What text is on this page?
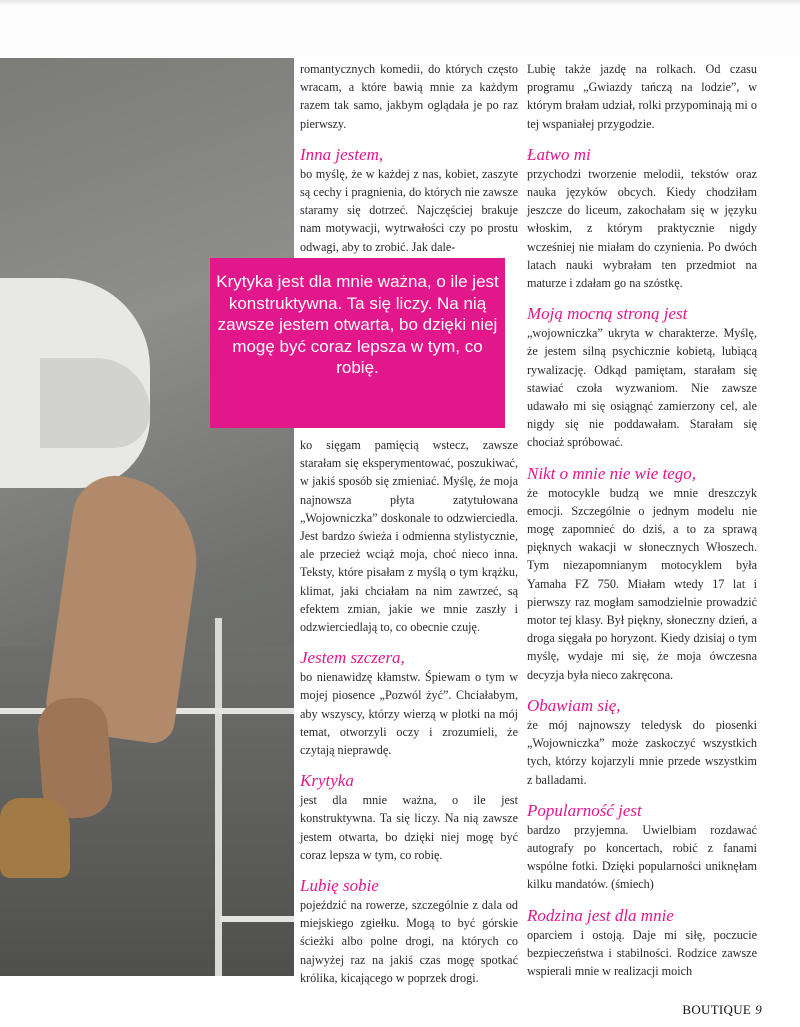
Krytyka jest dla mnie ważna, o ile jest konstruktywna. Ta się liczy. Na nią zawsze jestem otwarta, bo dzięki niej mogę być coraz lepsza w tym, co robię.

romantycznych komedii, do których często wracam, a które bawią mnie za każdym razem tak samo, jakbym oglądała je po raz pierwszy.

Inna jestem,

bo myślę, że w każdej z nas, kobiet, zaszyte są cechy i pragnienia, do których nie zawsze staramy się dotrzeć. Najczęściej brakuje nam motywacji, wytrwałości czy po prostu odwagi, aby to zrobić. Jak dale-

ko sięgam pamięcią wstecz, zawsze starałam się eksperymentować, poszukiwać, w jakiś sposób się zmieniać. Myślę, że moja najnowsza płyta zatytułowana „Wojowniczka” doskonale to odzwierciedla. Jest bardzo świeża i odmienna stylistycznie, ale przecież wciąż moja, choć nieco inna. Teksty, które pisałam z myślą o tym krążku, klimat, jaki chciałam na nim zawrzeć, są efektem zmian, jakie we mnie zaszły i odzwierciedlają to, co obecnie czuję.

Jestem szczera,

bo nienawidzę kłamstw. Śpiewam o tym w mojej piosence „Pozwól żyć”. Chciałabym, aby wszyscy, którzy wierzą w plotki na mój temat, otworzyli oczy i zrozumieli, że czytają nieprawdę.

Krytyka

jest dla mnie ważna, o ile jest konstruktywna. Ta się liczy. Na nią zawsze jestem otwarta, bo dzięki niej mogę być coraz lepsza w tym, co robię.

Lubię sobie

pojeździć na rowerze, szczególnie z dala od miejskiego zgiełku. Mogą to być górskie ścieżki albo polne drogi, na których co najwyżej raz na jakiś czas mogę spotkać królika, kicającego w poprzek drogi.

Lubię także jazdę na rolkach. Od czasu programu „Gwiazdy tańczą na lodzie”, w którym brałam udział, rolki przypominają mi o tej wspaniałej przygodzie.

Łatwo mi

przychodzi tworzenie melodii, tekstów oraz nauka języków obcych. Kiedy chodziłam jeszcze do liceum, zakochałam się w języku włoskim, z którym praktycznie nigdy wcześniej nie miałam do czynienia. Po dwóch latach nauki wybrałam ten przedmiot na maturze i zdałam go na szóstkę.

Moją mocną stroną jest

„wojowniczka” ukryta w charakterze. Myślę, że jestem silną psychicznie kobietą, lubiącą rywalizację. Odkąd pamiętam, starałam się stawiać czoła wyzwaniom. Nie zawsze udawało mi się osiągnąć zamierzony cel, ale nigdy się nie poddawałam. Starałam się chociaż spróbować.

Nikt o mnie nie wie tego,

że motocykle budzą we mnie dreszczyk emocji. Szczególnie o jednym modelu nie mogę zapomnieć do dziś, a to za sprawą pięknych wakacji w słonecznych Włoszech. Tym niezapomnianym motocyklem była Yamaha FZ 750. Miałam wtedy 17 lat i pierwszy raz mogłam samodzielnie prowadzić motor tej klasy. Był piękny, słoneczny dzień, a droga sięgała po horyzont. Kiedy dzisiaj o tym myślę, wydaje mi się, że moja ówczesna decyzja była nieco zakręcona.

Obawiam się,

że mój najnowszy teledysk do piosenki „Wojowniczka” może zaskoczyć wszystkich tych, którzy kojarzyli mnie przede wszystkim z balladami.

Popularność jest

bardzo przyjemna. Uwielbiam rozdawać autografy po koncertach, robić z fanami wspólne fotki. Dzięki popularności uniknęłam kilku mandatów. (śmiech)

Rodzina jest dla mnie

oparciem i ostoją. Daje mi siłę, poczucie bezpieczeństwa i stabilności. Rodzice zawsze wspierali mnie w realizacji moich

BOUTIQUE 9
